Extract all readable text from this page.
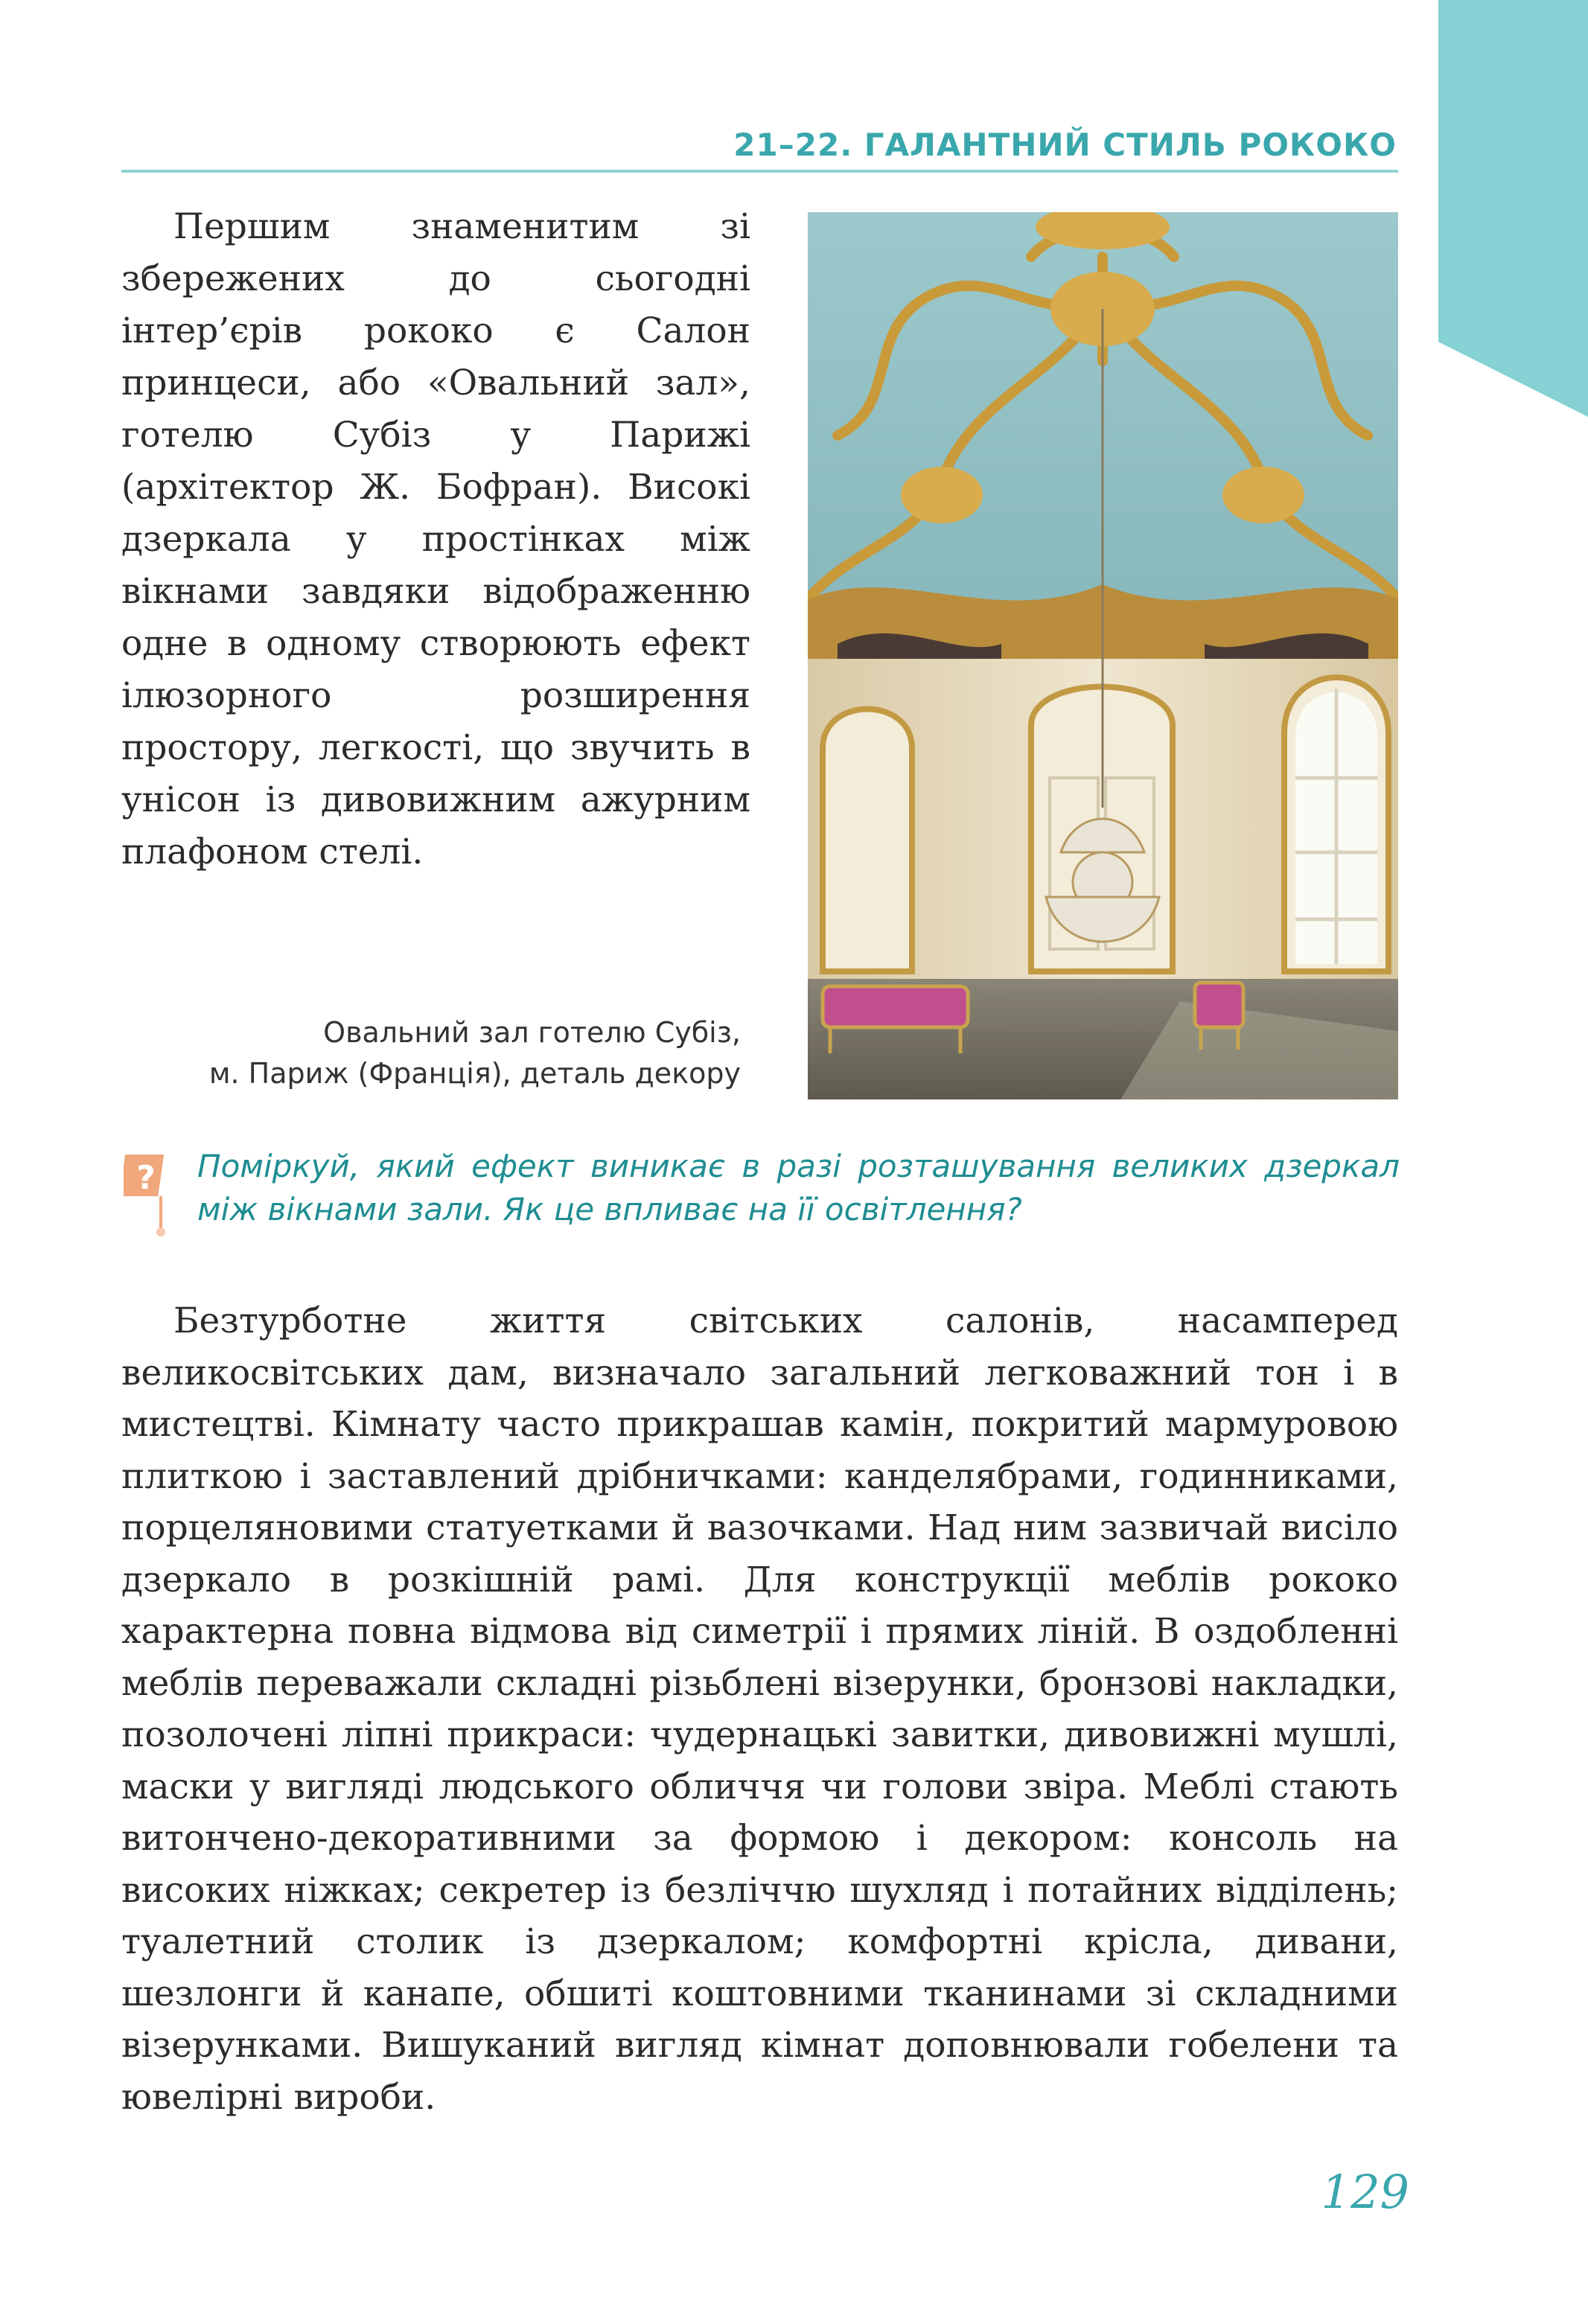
21–22. ГАЛАНТНИЙ СТИЛЬ РОКОКО

Першим знаменитим зі збережених до сьогодні інтер’єрів рококо є Салон принцеси, або «Овальний зал», готелю Субіз у Парижі (архітектор Ж. Бофран). Високі дзеркала у простінках між вікнами завдяки відображенню одне в одному створюють ефект ілюзорного розширення простору, легкості, що звучить в унісон із дивовижним ажурним плафоном стелі.

Овальний зал готелю Субіз,
м. Париж (Франція), деталь декору
? Поміркуй, який ефект виникає в разі розташування великих дзеркал між вікнами зали. Як це впливає на її освітлення?

Безтурботне життя світських салонів, насамперед великосвітських дам, визначало загальний легковажний тон і в мистецтві. Кімнату часто прикрашав камін, покритий мармуровою плиткою і заставлений дрібничками: канделябрами, годинниками, порцеляновими статуетками й вазочками. Над ним зазвичай висіло дзеркало в розкішній рамі. Для конструкції меблів рококо характерна повна відмова від симетрії і прямих ліній. В оздобленні меблів переважали складні різьблені візерунки, бронзові накладки, позолочені ліпні прикраси: чудернацькі завитки, дивовижні мушлі, маски у вигляді людського обличчя чи голови звіра. Меблі стають витончено-декоративними за формою і декором: консоль на високих ніжках; секретер із безліччю шухляд і потайних відділень; туалетний столик із дзеркалом; комфортні крісла, дивани, шезлонги й канапе, обшиті коштовними тканинами зі складними візерунками. Вишуканий вигляд кімнат доповнювали гобелени та ювелірні вироби.

129
